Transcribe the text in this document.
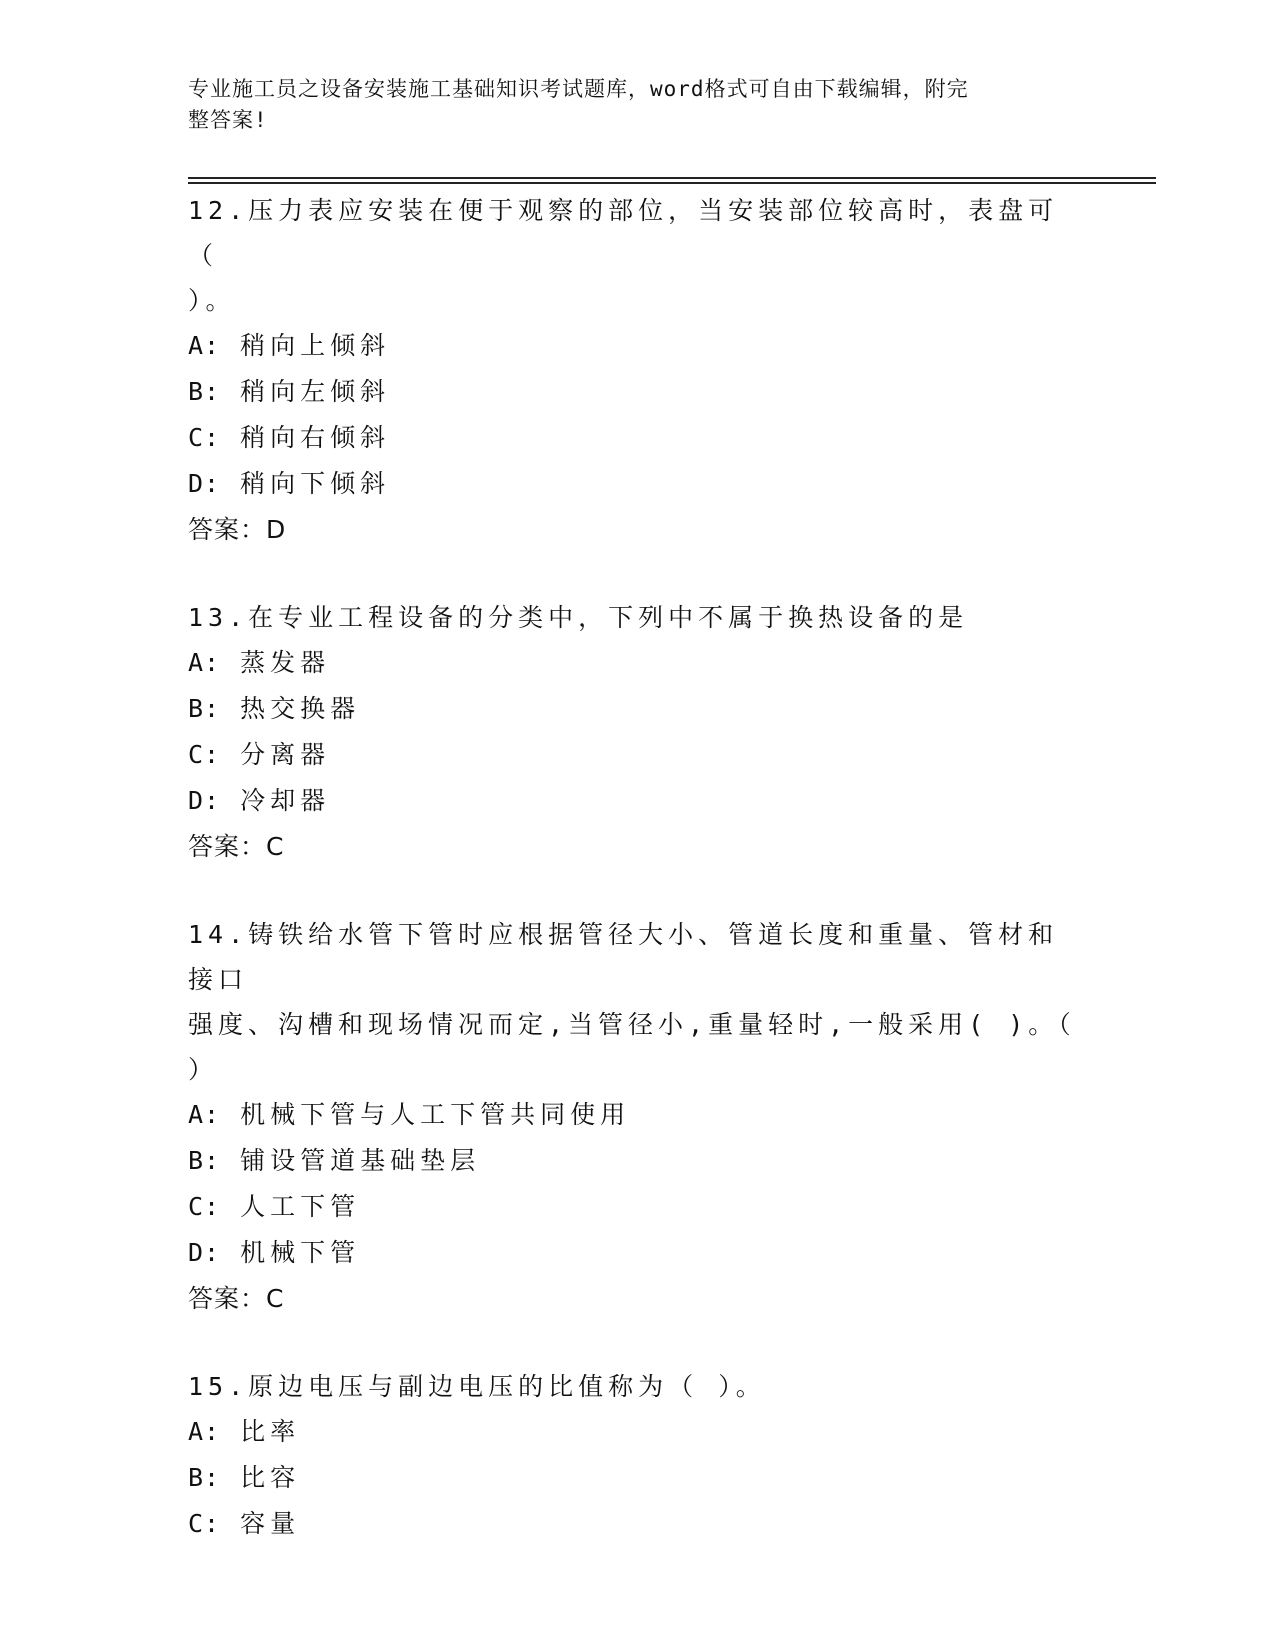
专业施工员之设备安装施工基础知识考试题库，word格式可自由下载编辑，附完
整答案!
12.压力表应安装在便于观察的部位，当安装部位较高时，表盘可（
）。
A: 稍向上倾斜
B: 稍向左倾斜
C: 稍向右倾斜
D: 稍向下倾斜
答案：D
13.在专业工程设备的分类中，下列中不属于换热设备的是
A: 蒸发器
B: 热交换器
C: 分离器
D: 冷却器
答案：C
14.铸铁给水管下管时应根据管径大小、管道长度和重量、管材和接口
强度、沟槽和现场情况而定,当管径小,重量轻时,一般采用( )。（
）
A: 机械下管与人工下管共同使用
B: 铺设管道基础垫层
C: 人工下管
D: 机械下管
答案：C
15.原边电压与副边电压的比值称为（ ）。
A: 比率
B: 比容
C: 容量
